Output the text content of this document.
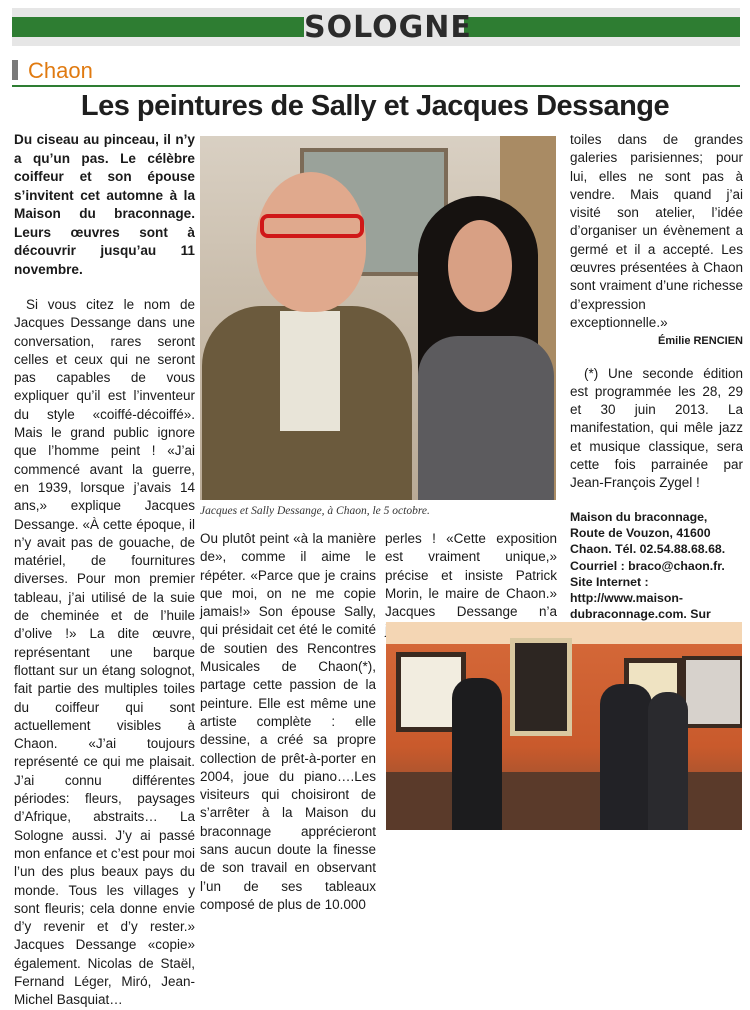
SOLOGNE
Chaon
Les peintures de Sally et Jacques Dessange

Du ciseau au pinceau, il n’y a qu’un pas. Le célèbre coiffeur et son épouse s’invitent cet automne à la Maison du braconnage. Leurs œuvres sont à découvrir jusqu’au 11 novembre.

Si vous citez le nom de Jacques Dessange dans une conversation, rares seront celles et ceux qui ne seront pas capables de vous expliquer qu’il est l’inventeur du style «coiffé-décoiffé». Mais le grand public ignore que l’homme peint ! «J’ai commencé avant la guerre, en 1939, lorsque j’avais 14 ans,» explique Jacques Dessange. «À cette époque, il n’y avait pas de gouache, de matériel, de fournitures diverses. Pour mon premier tableau, j’ai utilisé de la suie de cheminée et de l’huile d’olive !» La dite œuvre, représentant une barque flottant sur un étang solognot, fait partie des multiples toiles du coiffeur qui sont actuellement visibles à Chaon. «J’ai toujours représenté ce qui me plaisait. J’ai connu différentes périodes: fleurs, paysages d’Afrique, abstraits… La Sologne aussi. J’y ai passé mon enfance et c’est pour moi l’un des plus beaux pays du monde. Tous les villages y sont fleuris; cela donne envie d’y revenir et d’y rester.» Jacques Dessange «copie» également. Nicolas de Staël, Fernand Léger, Miró, Jean-Michel Basquiat…

Jacques et Sally Dessange, à Chaon, le 5 octobre.

Ou plutôt peint «à la manière de», comme il aime le répéter. «Parce que je crains que moi, on ne me copie jamais!» Son épouse Sally, qui présidait cet été le comité de soutien des Rencontres Musicales de Chaon(*), partage cette passion de la peinture. Elle est même une artiste complète : elle dessine, a créé sa propre collection de prêt-à-porter en 2004, joue du piano….Les visiteurs qui choisiront de s’arrêter à la Maison du braconnage apprécieront sans aucun doute la finesse de son travail en observant l’un de ses tableaux composé de plus de 10.000

perles ! «Cette exposition est vraiment unique,» précise et insiste Patrick Morin, le maire de Chaon.» Jacques Dessange n’a

toiles dans de grandes galeries parisiennes; pour lui, elles ne sont pas à vendre. Mais quand j’ai visité son atelier, l’idée d’organiser un évènement a germé et il a accepté. Les œuvres présentées à Chaon sont vraiment d’une richesse d’expression exceptionnelle.»

Émilie RENCIEN

(*) Une seconde édition est programmée les 28, 29 et 30 juin 2013. La manifestation, qui mêle jazz et musique classique, sera cette fois parrainée par Jean-François Zygel !

Maison du braconnage, Route de Vouzon, 41600 Chaon. Tél. 02.54.88.68.68. Courriel : braco@chaon.fr. Site Internet : http://www.maison-dubraconnage.com. Sur
